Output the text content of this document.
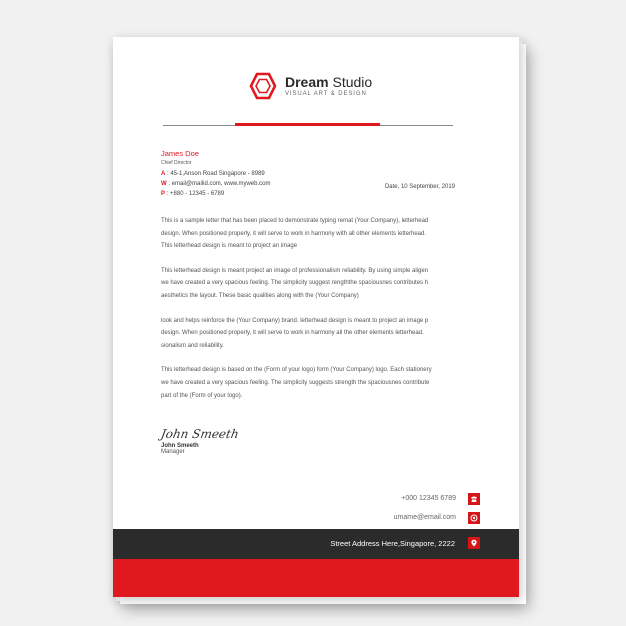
Dream Studio
VISUAL ART & DESIGN
James Doe
Chief Director
A : 45-1,Anson Road Singapore - 8989
W : email@mailid.com, www.myweb.com
P : +880 - 12345 - 6789
Date, 10 September, 2019
This is a sample letter that has been placed to demonstrate typing remat (Your Company), letterhead
design. When positioned properly, it will serve to work in harmony with all other elements letterhead.
This letterhead design is meant to project an image
This letterhead design is meant project an image of professionalism reliability. By using simple aligen
we have created a very spacious feeling. The simplicity suggest rengththe spaciousnes contributes h
aesthetics the layout. These basic qualities along with the (Your Company)
look and helps reinforce the (Your Company) brand. letterhead design is meant to project an image p
design. When positioned properly, it will serve to work in harmony all the other elements letterhead.
sionalism and reliability.
This letterhead design is based on the (Form of your logo) form (Your Company) logo. Each stationery
we have created a very spacious feeling. The simplicity suggests strength the spaciousnes contribute
part of the (Form of your logo).
John Smeeth
John Smeeth
Manager
+000 12345 6789
umame@email.com
Street Address Here,Singapore, 2222
